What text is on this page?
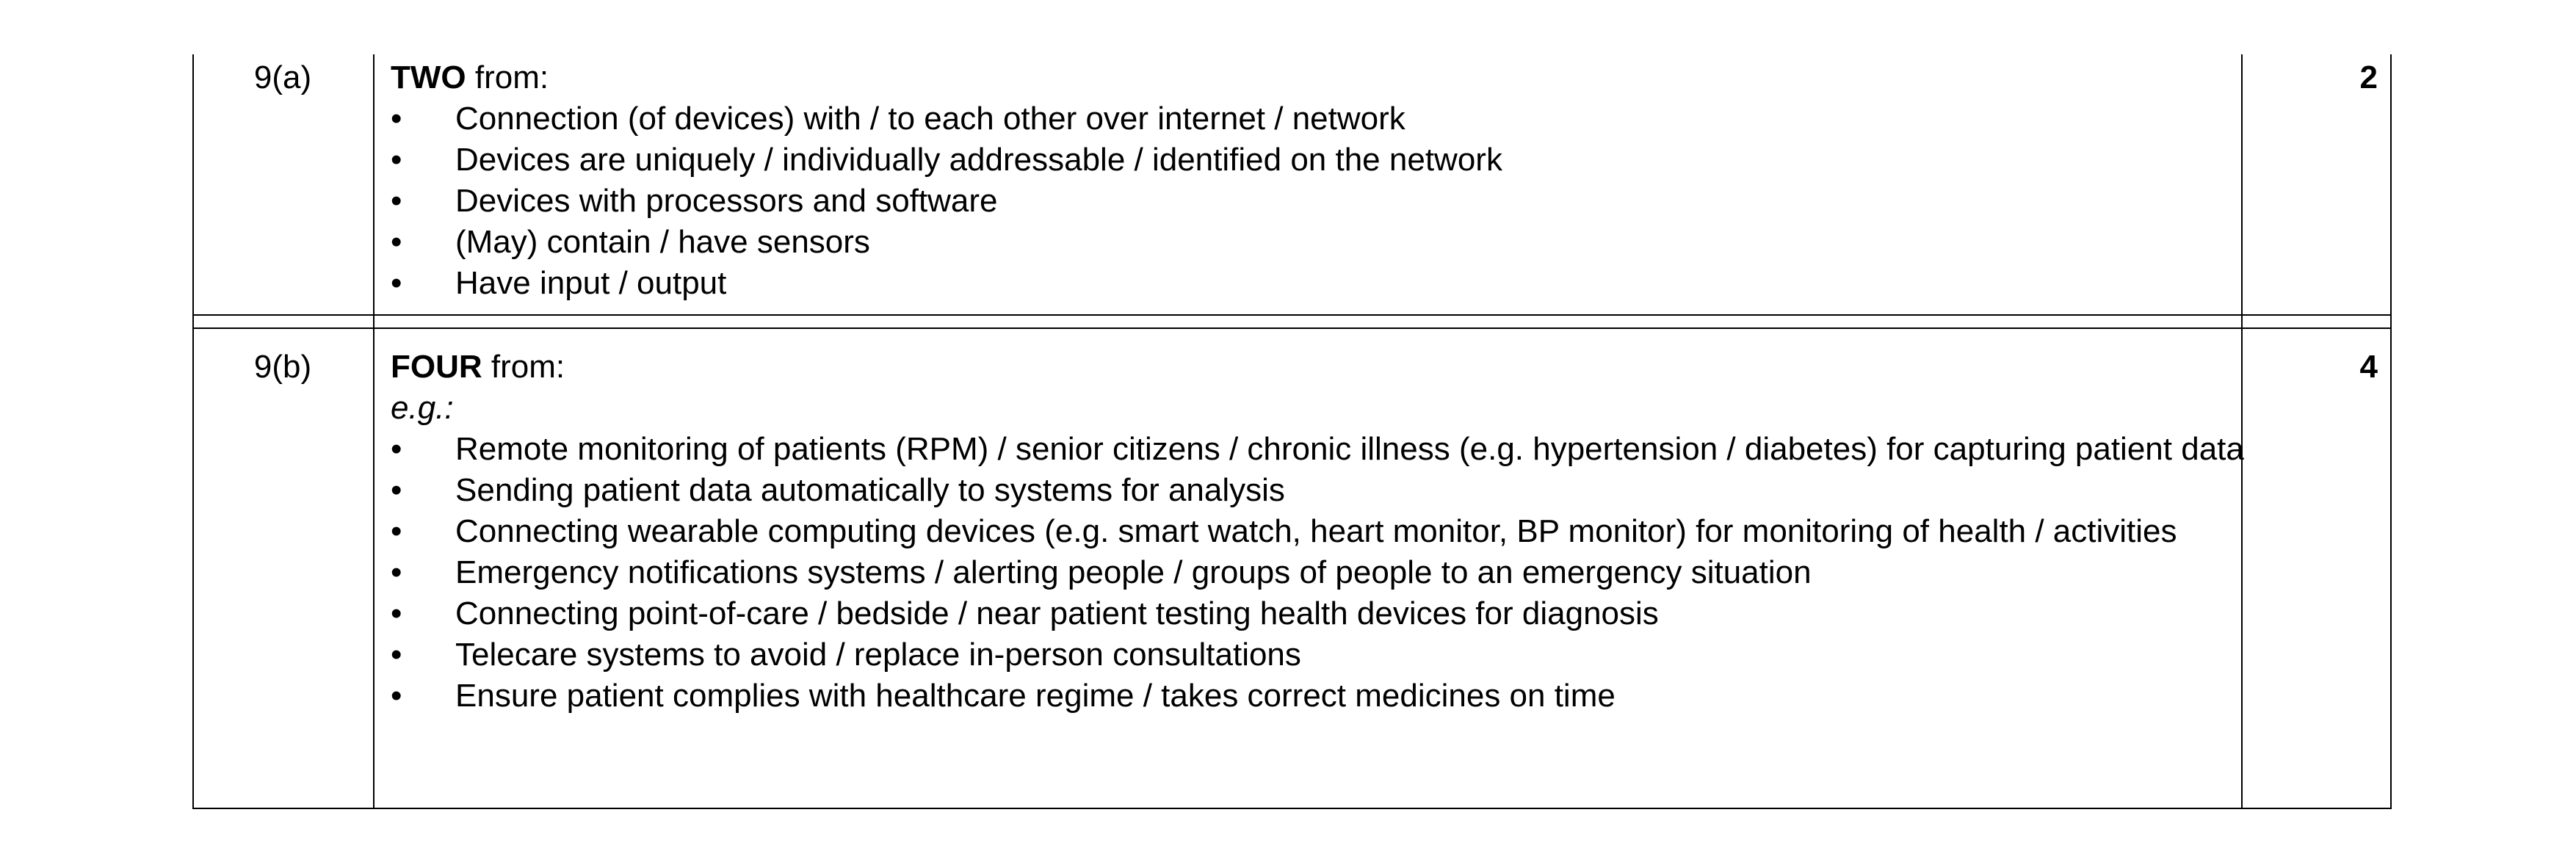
9(a)	TWO from:
•	Connection (of devices) with / to each other over internet / network
•	Devices are uniquely / individually addressable / identified on the network
•	Devices with processors and software
•	(May) contain / have sensors
•	Have input / output
2
9(b)	FOUR from:
e.g.:
•	Remote monitoring of patients (RPM) / senior citizens / chronic illness (e.g. hypertension / diabetes) for capturing patient data
•	Sending patient data automatically to systems for analysis
•	Connecting wearable computing devices (e.g. smart watch, heart monitor, BP monitor) for monitoring of health / activities
•	Emergency notifications systems / alerting people / groups of people to an emergency situation
•	Connecting point-of-care / bedside / near patient testing health devices for diagnosis
•	Telecare systems to avoid / replace in-person consultations
•	Ensure patient complies with healthcare regime / takes correct medicines on time
4
